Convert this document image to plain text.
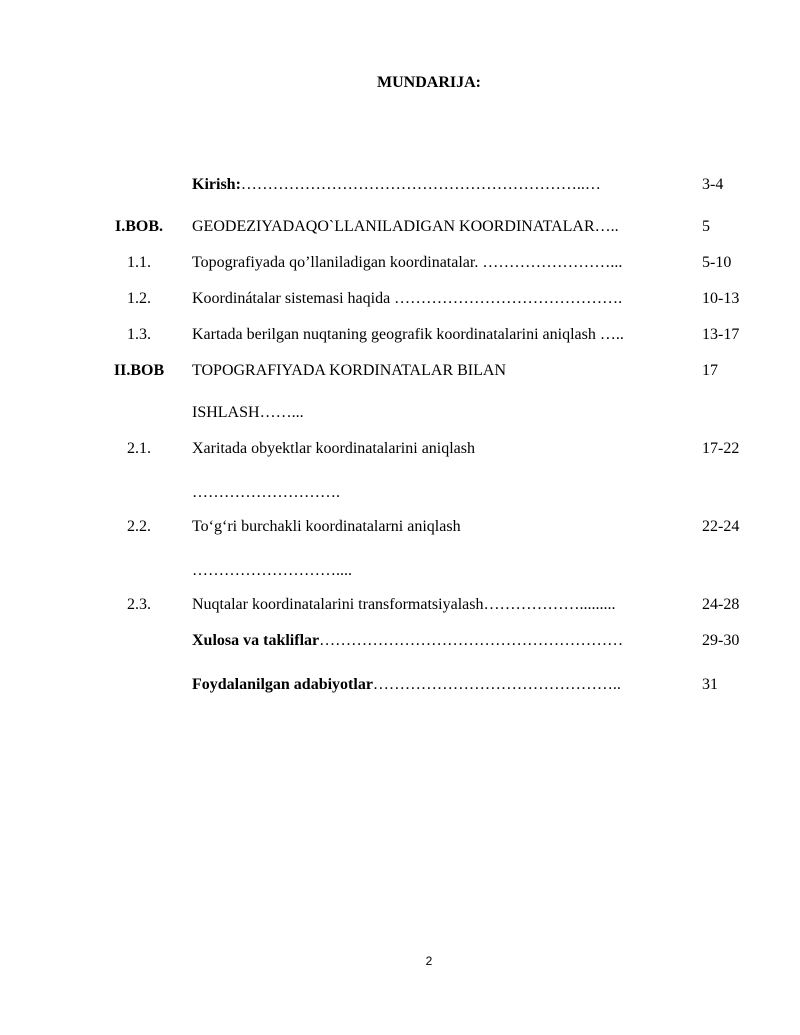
MUNDARIJA:
Kirish:………………………………………………………..…	3-4
I.BOB.	GEODEZIYADAQO`LLANILADIGAN KOORDINATALAR…..	5
1.1.	Topografiyada qo’llaniladigan koordinatalar. ……………………...	5-10
1.2.	Koordinátalar sistemasi haqida …………………………………….	10-13
1.3.	Kartada berilgan nuqtaning geografik koordinatalarini aniqlash …..	13-17
II.BOB	TOPOGRAFIYADA KORDINATALAR BILAN	17
ISHLASH……...
2.1.	Xaritada obyektlar koordinatalarini aniqlash	17-22
……………………….
2.2.	To‘g‘ri burchakli koordinatalarni aniqlash	22-24
………………………....
2.3.	Nuqtalar koordinatalarini transformatsiyalash……………….........	24-28
Xulosa va takliflar…………………………………………………	29-30
Foydalanilgan adabiyotlar………………………………………..	31
2
